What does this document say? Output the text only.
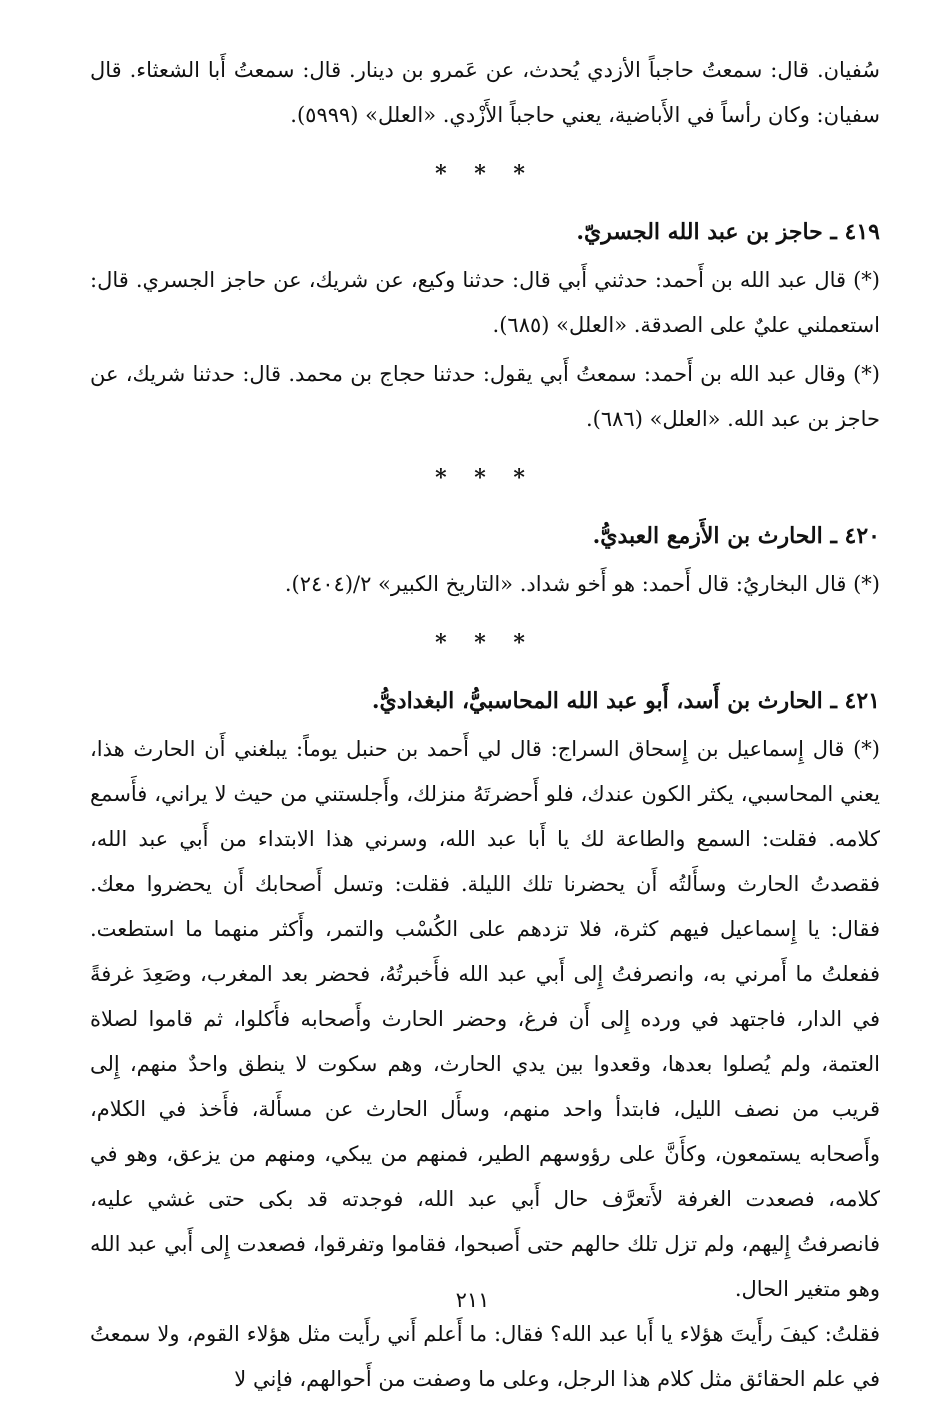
سُفيان. قال: سمعتُ حاجباً الأزدي يُحدث، عن عَمرو بن دينار. قال: سمعتُ أَبا الشعثاء. قال سفيان: وكان رأساً في الأَباضية، يعني حاجباً الأَزْدي. «العلل» (٥٩٩٩).

* * *
٤١٩ ـ حاجز بن عبد الله الجسريّ.

(*) قال عبد الله بن أَحمد: حدثني أَبي قال: حدثنا وكيع، عن شريك، عن حاجز الجسري. قال: استعملني عليٌ على الصدقة. «العلل» (٦٨٥).

(*) وقال عبد الله بن أَحمد: سمعتُ أَبي يقول: حدثنا حجاج بن محمد. قال: حدثنا شريك، عن حاجز بن عبد الله. «العلل» (٦٨٦).

* * *
٤٢٠ ـ الحارث بن الأَزمع العبديُّ.

(*) قال البخاريُ: قال أَحمد: هو أَخو شداد. «التاريخ الكبير» ٢/(٢٤٠٤).

* * *
٤٢١ ـ الحارث بن أَسد، أَبو عبد الله المحاسبيُّ، البغداديُّ.

(*) قال إِسماعيل بن إِسحاق السراج: قال لي أَحمد بن حنبل يوماً: يبلغني أَن الحارث هذا، يعني المحاسبي، يكثر الكون عندك، فلو أَحضرتَهُ منزلك، وأَجلستني من حيث لا يراني، فأَسمع كلامه. فقلت: السمع والطاعة لك يا أَبا عبد الله، وسرني هذا الابتداء من أَبي عبد الله، فقصدتُ الحارث وسأَلتُه أَن يحضرنا تلك الليلة. فقلت: وتسل أَصحابك أَن يحضروا معك. فقال: يا إِسماعيل فيهم كثرة، فلا تزدهم على الكُسْب والتمر، وأَكثر منهما ما استطعت. ففعلتُ ما أَمرني به، وانصرفتُ إِلى أَبي عبد الله فأَخبرتُهُ، فحضر بعد المغرب، وصَعِدَ غرفةً في الدار، فاجتهد في ورده إِلى أَن فرغ، وحضر الحارث وأَصحابه فأَكلوا، ثم قاموا لصلاة العتمة، ولم يُصلوا بعدها، وقعدوا بين يدي الحارث، وهم سكوت لا ينطق واحدٌ منهم، إِلى قريب من نصف الليل، فابتدأ واحد منهم، وسأَل الحارث عن مسأَلة، فأَخذ في الكلام، وأَصحابه يستمعون، وكأَنَّ على رؤوسهم الطير، فمنهم من يبكي، ومنهم من يزعق، وهو في كلامه، فصعدت الغرفة لأَتعرَّف حال أَبي عبد الله، فوجدته قد بكى حتى غشي عليه، فانصرفتُ إِليهم، ولم تزل تلك حالهم حتى أَصبحوا، فقاموا وتفرقوا، فصعدت إِلى أَبي عبد الله وهو متغير الحال.

فقلتُ: كيفَ رأَيتَ هؤلاء يا أَبا عبد الله؟ فقال: ما أَعلم أَني رأَيت مثل هؤلاء القوم، ولا سمعتُ في علم الحقائق مثل كلام هذا الرجل، وعلى ما وصفت من أَحوالهم، فإني لا

٢١١
